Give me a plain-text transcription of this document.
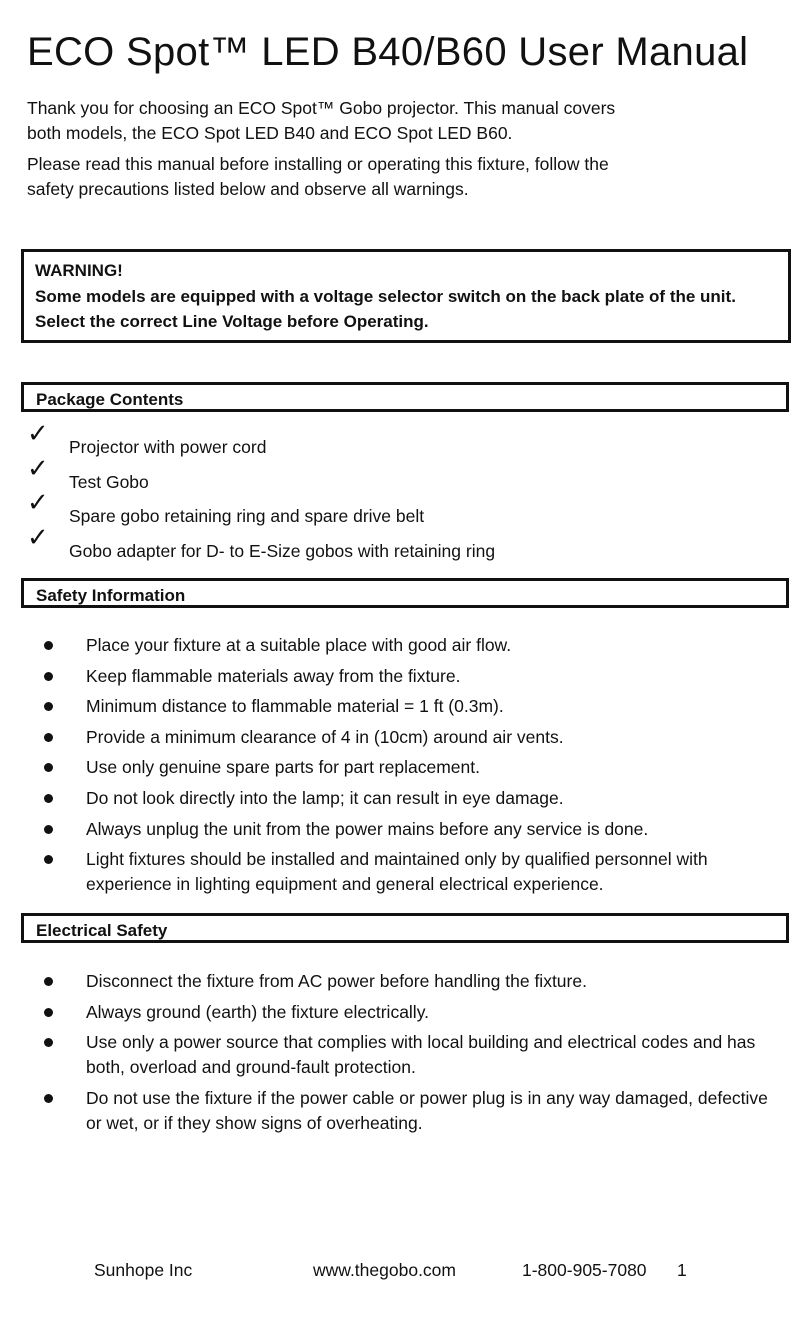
ECO Spot™ LED B40/B60 User Manual

Thank you for choosing an ECO Spot™ Gobo projector. This manual covers both models, the ECO Spot LED B40 and ECO Spot LED B60.

Please read this manual before installing or operating this fixture, follow the safety precautions listed below and observe all warnings.

WARNING!
Some models are equipped with a voltage selector switch on the back plate of the unit. Select the correct Line Voltage before Operating.
Package Contents
✓ Projector with power cord
✓ Test Gobo
✓ Spare gobo retaining ring and spare drive belt
✓ Gobo adapter for D- to E-Size gobos with retaining ring
Safety Information
Place your fixture at a suitable place with good air flow.
Keep flammable materials away from the fixture.
Minimum distance to flammable material = 1 ft (0.3m).
Provide a minimum clearance of 4 in (10cm) around air vents.
Use only genuine spare parts for part replacement.
Do not look directly into the lamp; it can result in eye damage.
Always unplug the unit from the power mains before any service is done.
Light fixtures should be installed and maintained only by qualified personnel with experience in lighting equipment and general electrical experience.
Electrical Safety
Disconnect the fixture from AC power before handling the fixture.
Always ground (earth) the fixture electrically.
Use only a power source that complies with local building and electrical codes and has both, overload and ground-fault protection.
Do not use the fixture if the power cable or power plug is in any way damaged, defective or wet, or if they show signs of overheating.
Sunhope Inc	www.thegobo.com	1-800-905-7080 1
